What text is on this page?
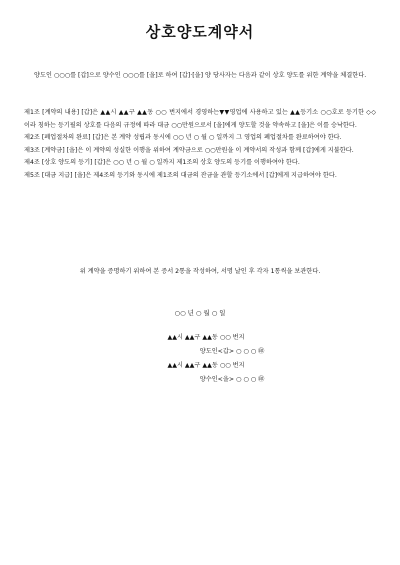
상호양도계약서
양도인 ○○○를 [갑]으로 양수인 ○○○를 [을]로 하여 [갑]·[을] 양 당사자는 다음과 같이 상호 양도를 위한 계약을 체결한다.
제1조 [계약의 내용] [갑]은 ▲▲시 ▲▲구 ▲▲동 ○○ 번지에서 경영하는▼▼영업에 사용하고 있는 ▲▲등기소 ○○호로 등기한 ◇◇이라 칭하는 등기필의 상호를 다음의 규정에 따라 대금 ○○만원으로서 [을]에게 양도할 것을 약속하고 [을]은 이를 승낙한다.
제2조 [폐업절차의 완료] [갑]은 본 계약 성립과 동시에 ○○ 년 ○ 월 ○ 일까지 그 영업의 폐업절차를 완료하여야 한다.
제3조 [계약금] [을]은 이 계약의 성실한 이행을 위하여 계약금으로 ○○만원을 이 계약서의 작성과 함께 [갑]에게 지불한다.
제4조 [상호 양도의 등기] [갑]은 ○○ 년 ○ 월 ○ 일까지 제1조의 상호 양도의 등기를 이행하여야 한다.
제5조 [대금 지급] [을]은 제4조의 등기와 동시에 제1조의 대금의 잔금을 관할 등기소에서 [갑]에게 지급하여야 한다.
위 계약을 증명하기 위하여 본 증서 2통을 작성하여, 서명 날인 후 각자 1통씩을 보관한다.
○○ 년 ○ 월 ○ 일
▲▲시 ▲▲구 ▲▲동 ○○ 번지
양도인<갑> ○ ○ ○ ㊞
▲▲시 ▲▲구 ▲▲동 ○○ 번지
양수인<을> ○ ○ ○ ㊞
